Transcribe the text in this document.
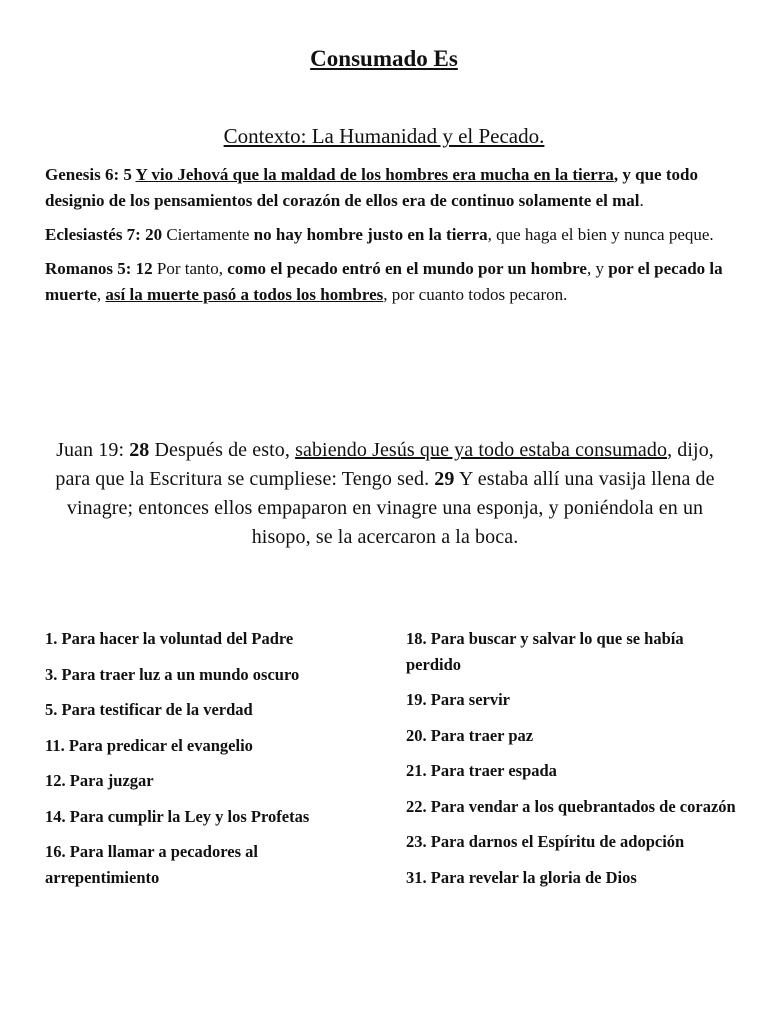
Consumado Es
Contexto: La Humanidad y el Pecado.

Genesis 6: 5 Y vio Jehová que la maldad de los hombres era mucha en la tierra, y que todo designio de los pensamientos del corazón de ellos era de continuo solamente el mal.

Eclesiastés 7: 20 Ciertamente no hay hombre justo en la tierra, que haga el bien y nunca peque.

Romanos 5: 12 Por tanto, como el pecado entró en el mundo por un hombre, y por el pecado la muerte, así la muerte pasó a todos los hombres, por cuanto todos pecaron.

Juan 19: 28 Después de esto, sabiendo Jesús que ya todo estaba consumado, dijo, para que la Escritura se cumpliese: Tengo sed. 29 Y estaba allí una vasija llena de vinagre; entonces ellos empaparon en vinagre una esponja, y poniéndola en un hisopo, se la acercaron a la boca.

1. Para hacer la voluntad del Padre
3. Para traer luz a un mundo oscuro
5. Para testificar de la verdad
11. Para predicar el evangelio
12. Para juzgar
14. Para cumplir la Ley y los Profetas
16. Para llamar a pecadores al arrepentimiento
18. Para buscar y salvar lo que se había perdido
19. Para servir
20. Para traer paz
21. Para traer espada
22. Para vendar a los quebrantados de corazón
23. Para darnos el Espíritu de adopción
31. Para revelar la gloria de Dios
